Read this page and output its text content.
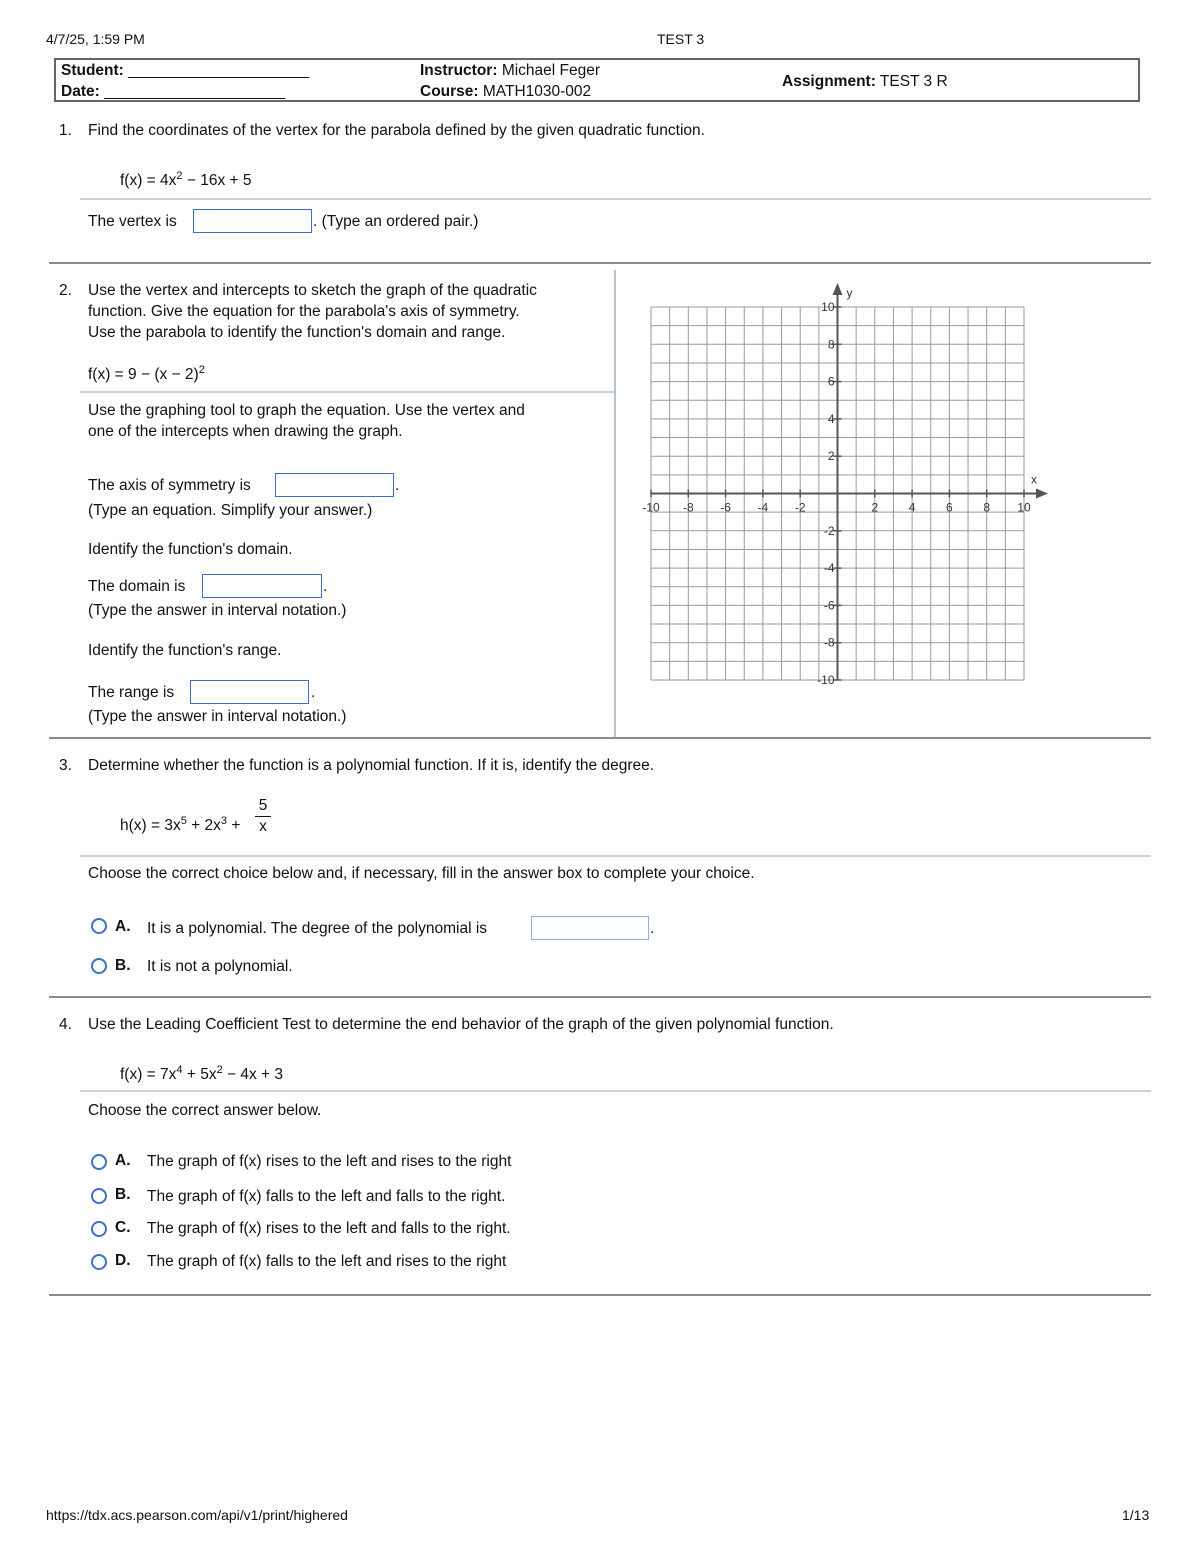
4/7/25, 1:59 PM	TEST 3
Student: _____________________
Date: _____________________
Instructor: Michael Feger
Course: MATH1030-002
Assignment: TEST 3 R
1. Find the coordinates of the vertex for the parabola defined by the given quadratic function.
$f(x) = 4x^2 - 16x + 5$
The vertex is	. (Type an ordered pair.)
2. Use the vertex and intercepts to sketch the graph of the quadratic
function. Give the equation for the parabola's axis of symmetry.
Use the parabola to identify the function's domain and range.
$f(x) = 9 - (x - 2)^2$
Use the graphing tool to graph the equation. Use the vertex and
one of the intercepts when drawing the graph.
The axis of symmetry is	.
(Type an equation. Simplify your answer.)
Identify the function's domain.
The domain is	.
(Type the answer in interval notation.)
Identify the function's range.
The range is	.
(Type the answer in interval notation.)
-10 -8 -6 -4 -2	2	4	6	8 10
10
8
6
4
2
-2
-4
-6
-8
-10
x
y
3. Determine whether the function is a polynomial function. If it is, identify the degree.
$h(x) = 3x^5 + 2x^3$ +
5
x
Choose the correct choice below and, if necessary, fill in the answer box to complete your choice.
A. It is a polynomial. The degree of the polynomial is	.
B. It is not a polynomial.
4. Use the Leading Coefficient Test to determine the end behavior of the graph of the given polynomial function.
$f(x) = 7x^4 + 5x^2 - 4x + 3$
Choose the correct answer below.
A. The graph of f(x) rises to the left and rises to the right
B. The graph of f(x) falls to the left and falls to the right.
C. The graph of f(x) rises to the left and falls to the right.
D. The graph of f(x) falls to the left and rises to the right
https://tdx.acs.pearson.com/api/v1/print/highered	1/13
